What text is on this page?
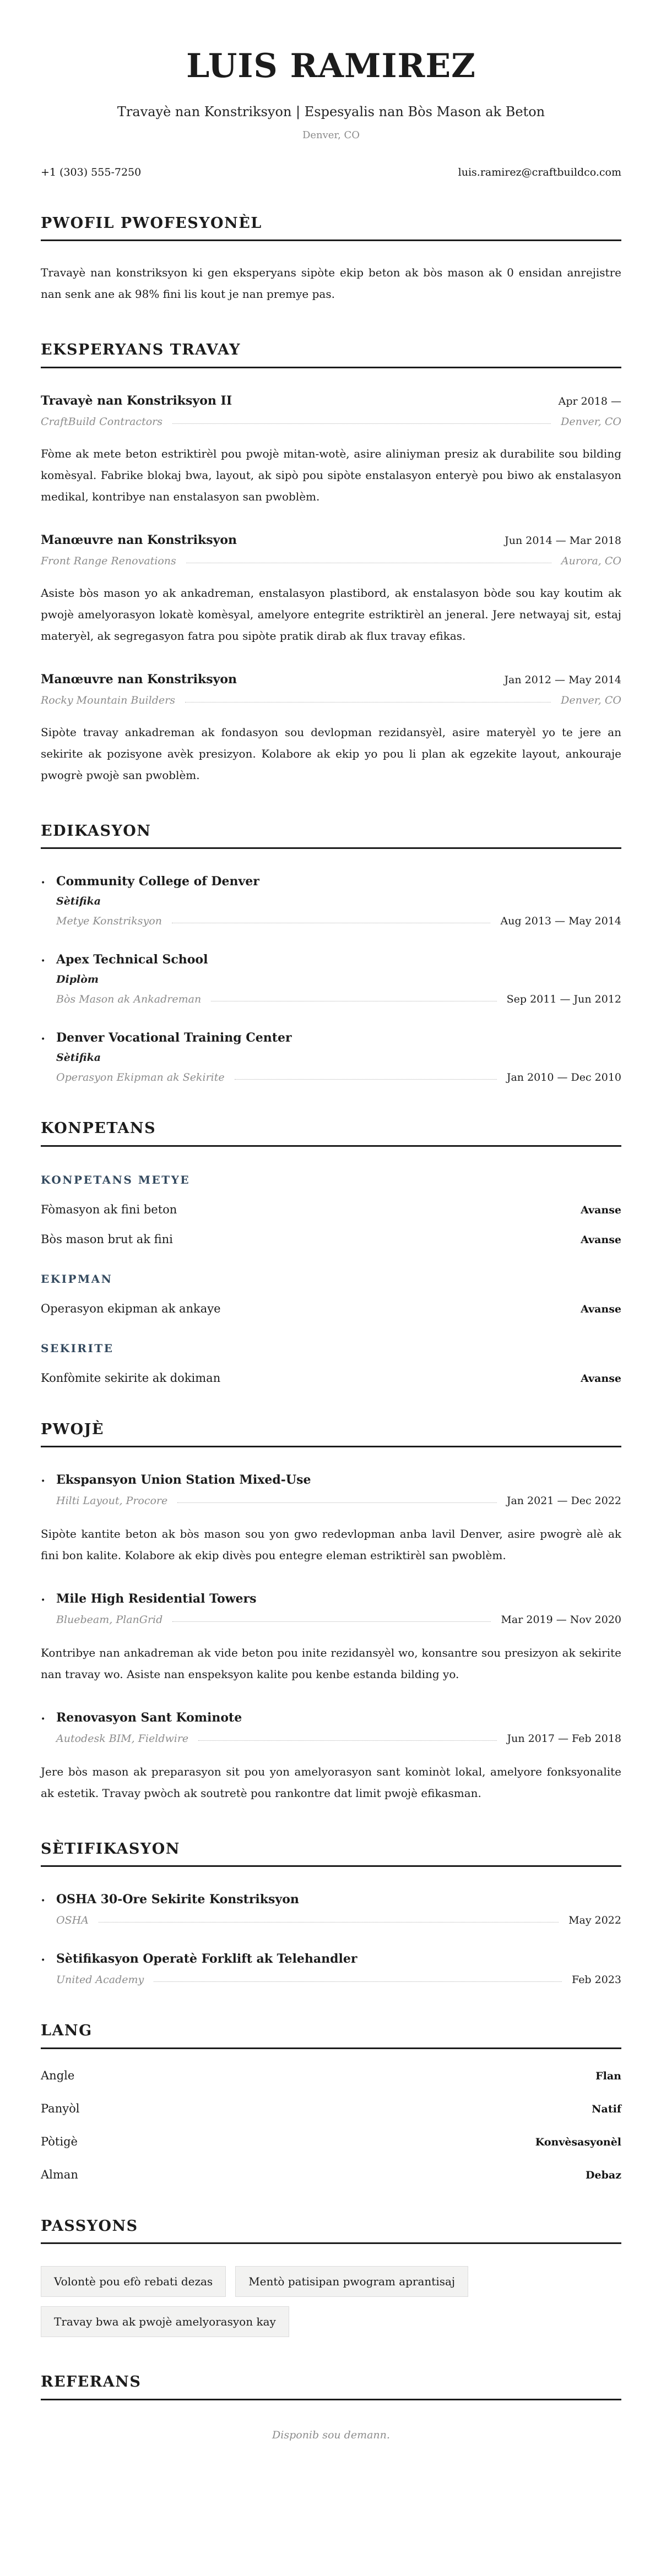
LUIS RAMIREZ
Travayè nan Konstriksyon | Espesyalis nan Bòs Mason ak Beton
Denver, CO
+1 (303) 555-7250	luis.ramirez@craftbuildco.com
PWOFIL PWOFESYONÈL

Travayè nan konstriksyon ki gen eksperyans sipòte ekip beton ak bòs mason ak 0 ensidan anrejistre nan senk ane ak 98% fini lis kout je nan premye pas.

EKSPERYANS TRAVAY
Travayè nan Konstriksyon II	Apr 2018 —
CraftBuild Contractors	Denver, CO

Fòme ak mete beton estriktirèl pou pwojè mitan-wotè, asire aliniyman presiz ak durabilite sou bilding komèsyal. Fabrike blokaj bwa, layout, ak sipò pou sipòte enstalasyon enteryè pou biwo ak enstalasyon medikal, kontribye nan enstalasyon san pwoblèm.

Manœuvre nan Konstriksyon	Jun 2014 — Mar 2018
Front Range Renovations	Aurora, CO

Asiste bòs mason yo ak ankadreman, enstalasyon plastibord, ak enstalasyon bòde sou kay koutim ak pwojè amelyorasyon lokatè komèsyal, amelyore entegrite estriktirèl an jeneral. Jere netwayaj sit, estaj materyèl, ak segregasyon fatra pou sipòte pratik dirab ak flux travay efikas.

Manœuvre nan Konstriksyon	Jan 2012 — May 2014
Rocky Mountain Builders	Denver, CO

Sipòte travay ankadreman ak fondasyon sou devlopman rezidansyèl, asire materyèl yo te jere an sekirite ak pozisyone avèk presizyon. Kolabore ak ekip yo pou li plan ak egzekite layout, ankouraje pwogrè pwojè san pwoblèm.

EDIKASYON
• Community College of Denver
Sètifika
Metye Konstriksyon	Aug 2013 — May 2014
• Apex Technical School
Diplòm
Bòs Mason ak Ankadreman	Sep 2011 — Jun 2012
• Denver Vocational Training Center
Sètifika
Operasyon Ekipman ak Sekirite	Jan 2010 — Dec 2010
KONPETANS
KONPETANS METYE
Fòmasyon ak fini beton	Avanse
Bòs mason brut ak fini	Avanse
EKIPMAN
Operasyon ekipman ak ankaye	Avanse
SEKIRITE
Konfòmite sekirite ak dokiman	Avanse
PWOJÈ
• Ekspansyon Union Station Mixed-Use
Hilti Layout, Procore	Jan 2021 — Dec 2022

Sipòte kantite beton ak bòs mason sou yon gwo redevlopman anba lavil Denver, asire pwogrè alè ak fini bon kalite. Kolabore ak ekip divès pou entegre eleman estriktirèl san pwoblèm.

• Mile High Residential Towers
Bluebeam, PlanGrid	Mar 2019 — Nov 2020

Kontribye nan ankadreman ak vide beton pou inite rezidansyèl wo, konsantre sou presizyon ak sekirite nan travay wo. Asiste nan enspeksyon kalite pou kenbe estanda bilding yo.

• Renovasyon Sant Kominote
Autodesk BIM, Fieldwire	Jun 2017 — Feb 2018

Jere bòs mason ak preparasyon sit pou yon amelyorasyon sant kominòt lokal, amelyore fonksyonalite ak estetik. Travay pwòch ak soutretè pou rankontre dat limit pwojè efikasman.

SÈTIFIKASYON
• OSHA 30-Ore Sekirite Konstriksyon
OSHA	May 2022
• Sètifikasyon Operatè Forklift ak Telehandler
United Academy	Feb 2023
LANG
Angle	Flan
Panyòl	Natif
Pòtigè	Konvèsasyonèl
Alman	Debaz
PASSYONS
Volontè pou efò rebati dezas	Mentò patisipan pwogram aprantisaj
Travay bwa ak pwojè amelyorasyon kay
REFERANS
Disponib sou demann.
